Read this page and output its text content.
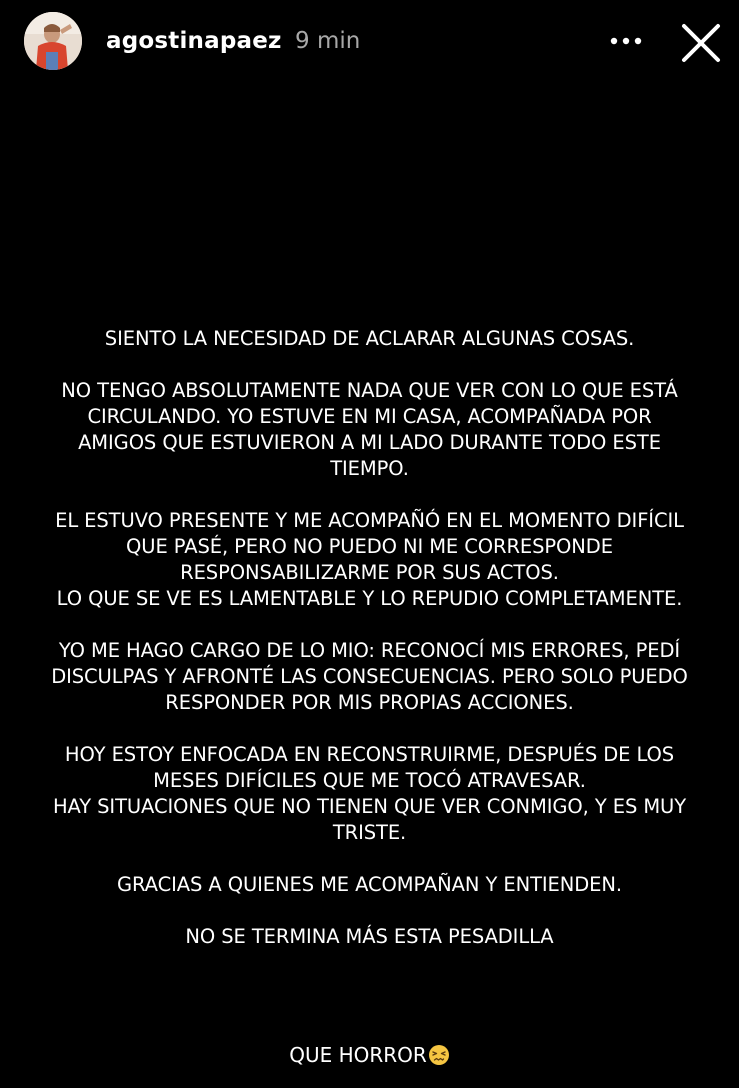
agostinapaez 9 min

SIENTO LA NECESIDAD DE ACLARAR ALGUNAS COSAS.

NO TENGO ABSOLUTAMENTE NADA QUE VER CON LO QUE ESTÁ
CIRCULANDO. YO ESTUVE EN MI CASA, ACOMPAÑADA POR
AMIGOS QUE ESTUVIERON A MI LADO DURANTE TODO ESTE
TIEMPO.

EL ESTUVO PRESENTE Y ME ACOMPAÑÓ EN EL MOMENTO DIFÍCIL
QUE PASÉ, PERO NO PUEDO NI ME CORRESPONDE
RESPONSABILIZARME POR SUS ACTOS.
LO QUE SE VE ES LAMENTABLE Y LO REPUDIO COMPLETAMENTE.

YO ME HAGO CARGO DE LO MIO: RECONOCÍ MIS ERRORES, PEDÍ
DISCULPAS Y AFRONTÉ LAS CONSECUENCIAS. PERO SOLO PUEDO
RESPONDER POR MIS PROPIAS ACCIONES.

HOY ESTOY ENFOCADA EN RECONSTRUIRME, DESPUÉS DE LOS
MESES DIFÍCILES QUE ME TOCÓ ATRAVESAR.
HAY SITUACIONES QUE NO TIENEN QUE VER CONMIGO, Y ES MUY
TRISTE.

GRACIAS A QUIENES ME ACOMPAÑAN Y ENTIENDEN.

NO SE TERMINA MÁS ESTA PESADILLA

QUE HORROR
